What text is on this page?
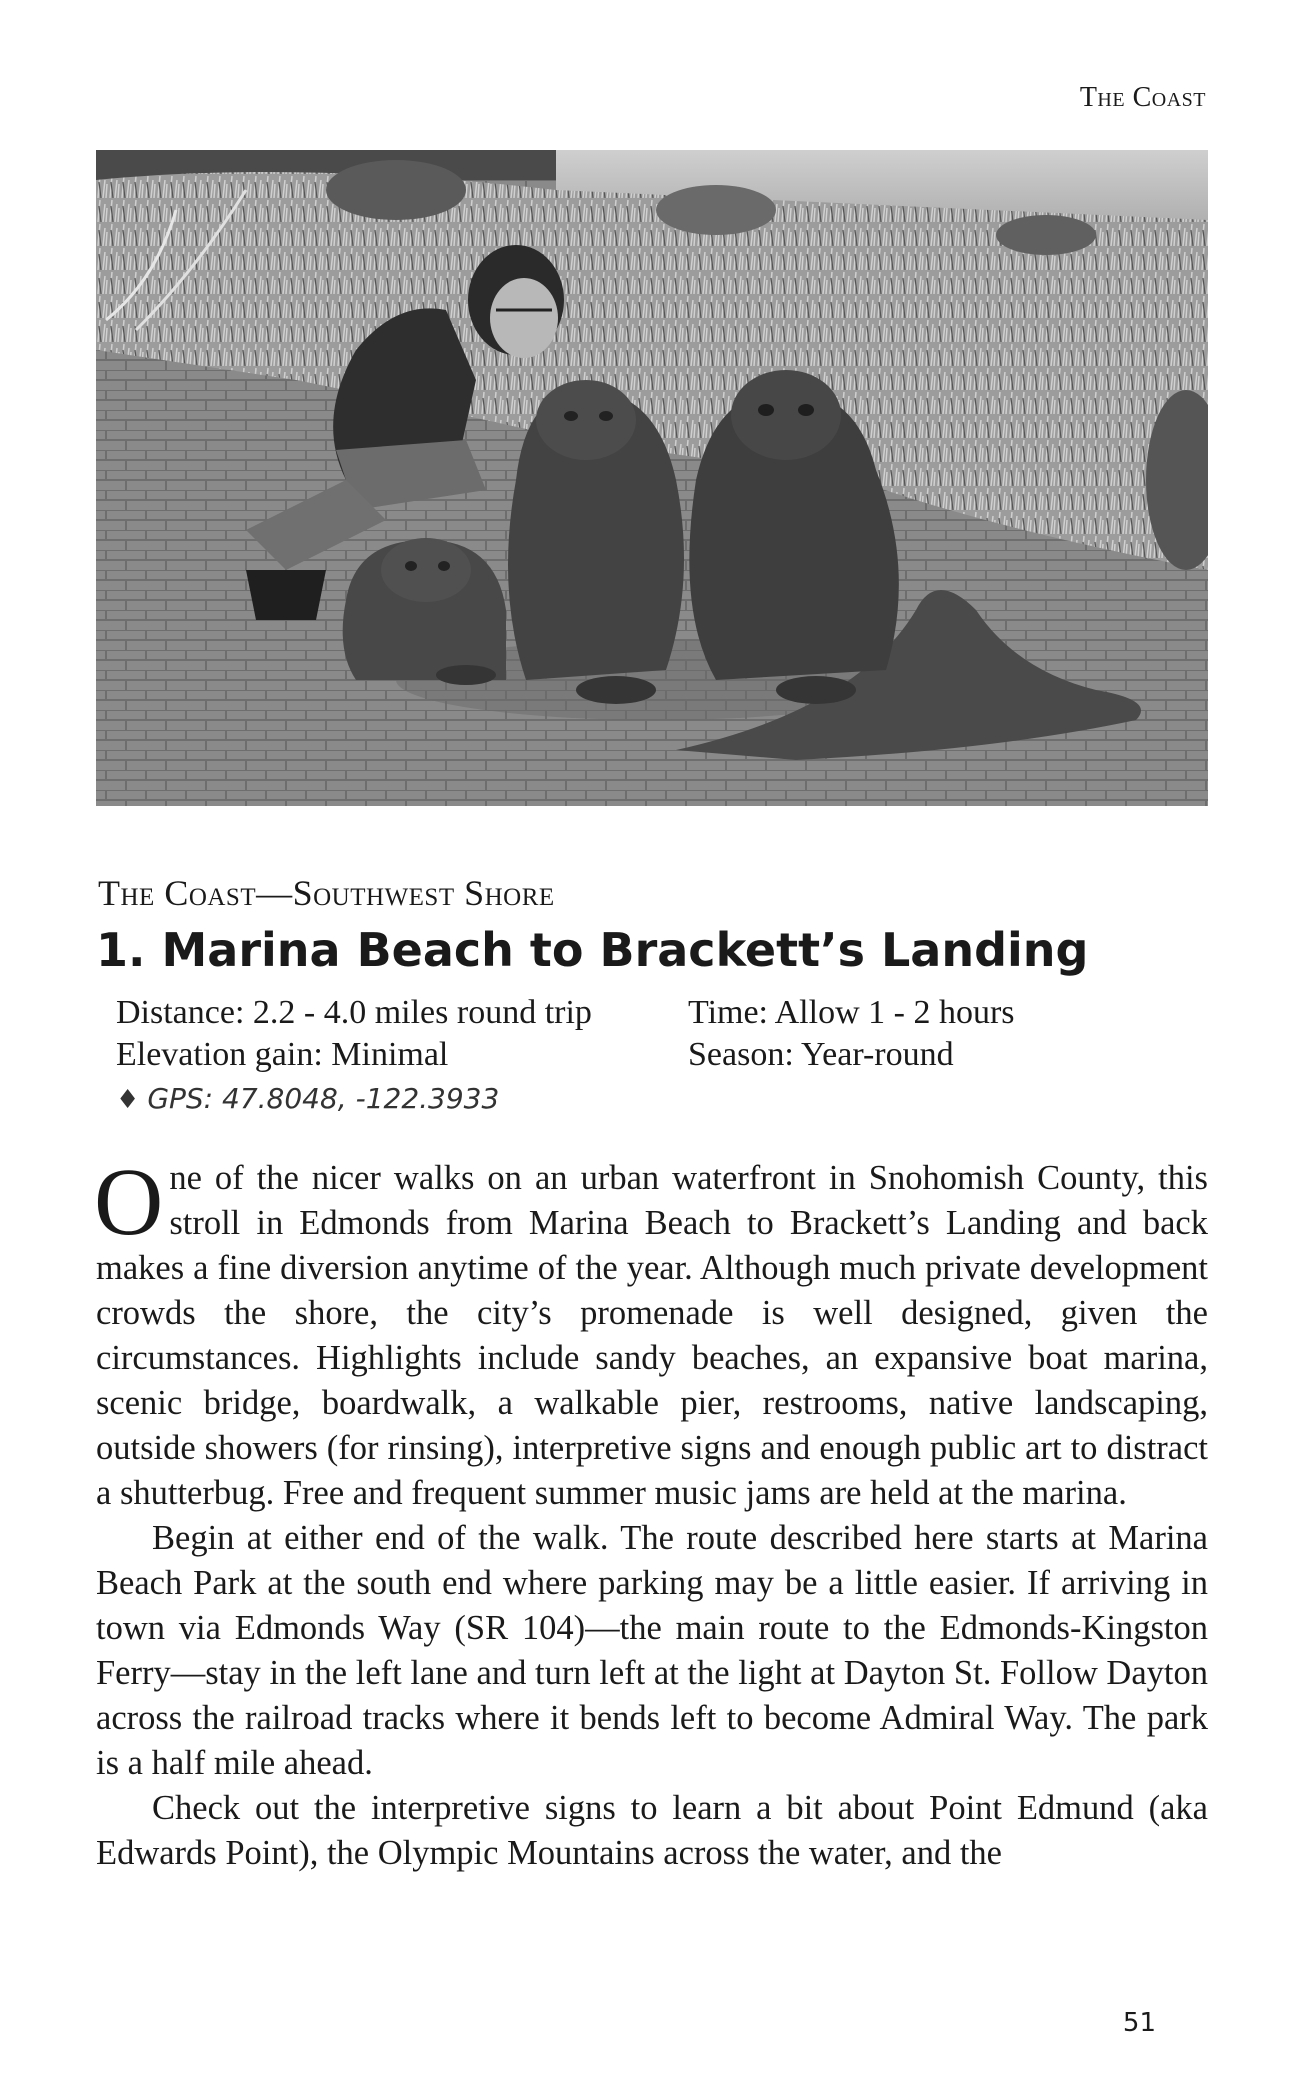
The Coast
The Coast—Southwest Shore
1. Marina Beach to Brackett’s Landing
Distance: 2.2 - 4.0 miles round trip	Time: Allow 1 - 2 hours
Elevation gain: Minimal	Season: Year-round
♦ GPS: 47.8048, -122.3933

One of the nicer walks on an urban waterfront in Snohomish County, this stroll in Edmonds from Marina Beach to Brackett’s Landing and back makes a fine diversion anytime of the year. Although much private development crowds the shore, the city’s promenade is well designed, given the circumstances. Highlights include sandy beaches, an expansive boat marina, scenic bridge, boardwalk, a walkable pier, restrooms, native landscaping, outside showers (for rinsing), interpretive signs and enough public art to distract a shutterbug. Free and frequent summer music jams are held at the marina.

Begin at either end of the walk. The route described here starts at Marina Beach Park at the south end where parking may be a little easier. If arriving in town via Edmonds Way (SR 104)—the main route to the Edmonds-Kingston Ferry—stay in the left lane and turn left at the light at Dayton St. Follow Dayton across the railroad tracks where it bends left to become Admiral Way. The park is a half mile ahead.

Check out the interpretive signs to learn a bit about Point Edmund (aka Edwards Point), the Olympic Mountains across the water, and the

51
